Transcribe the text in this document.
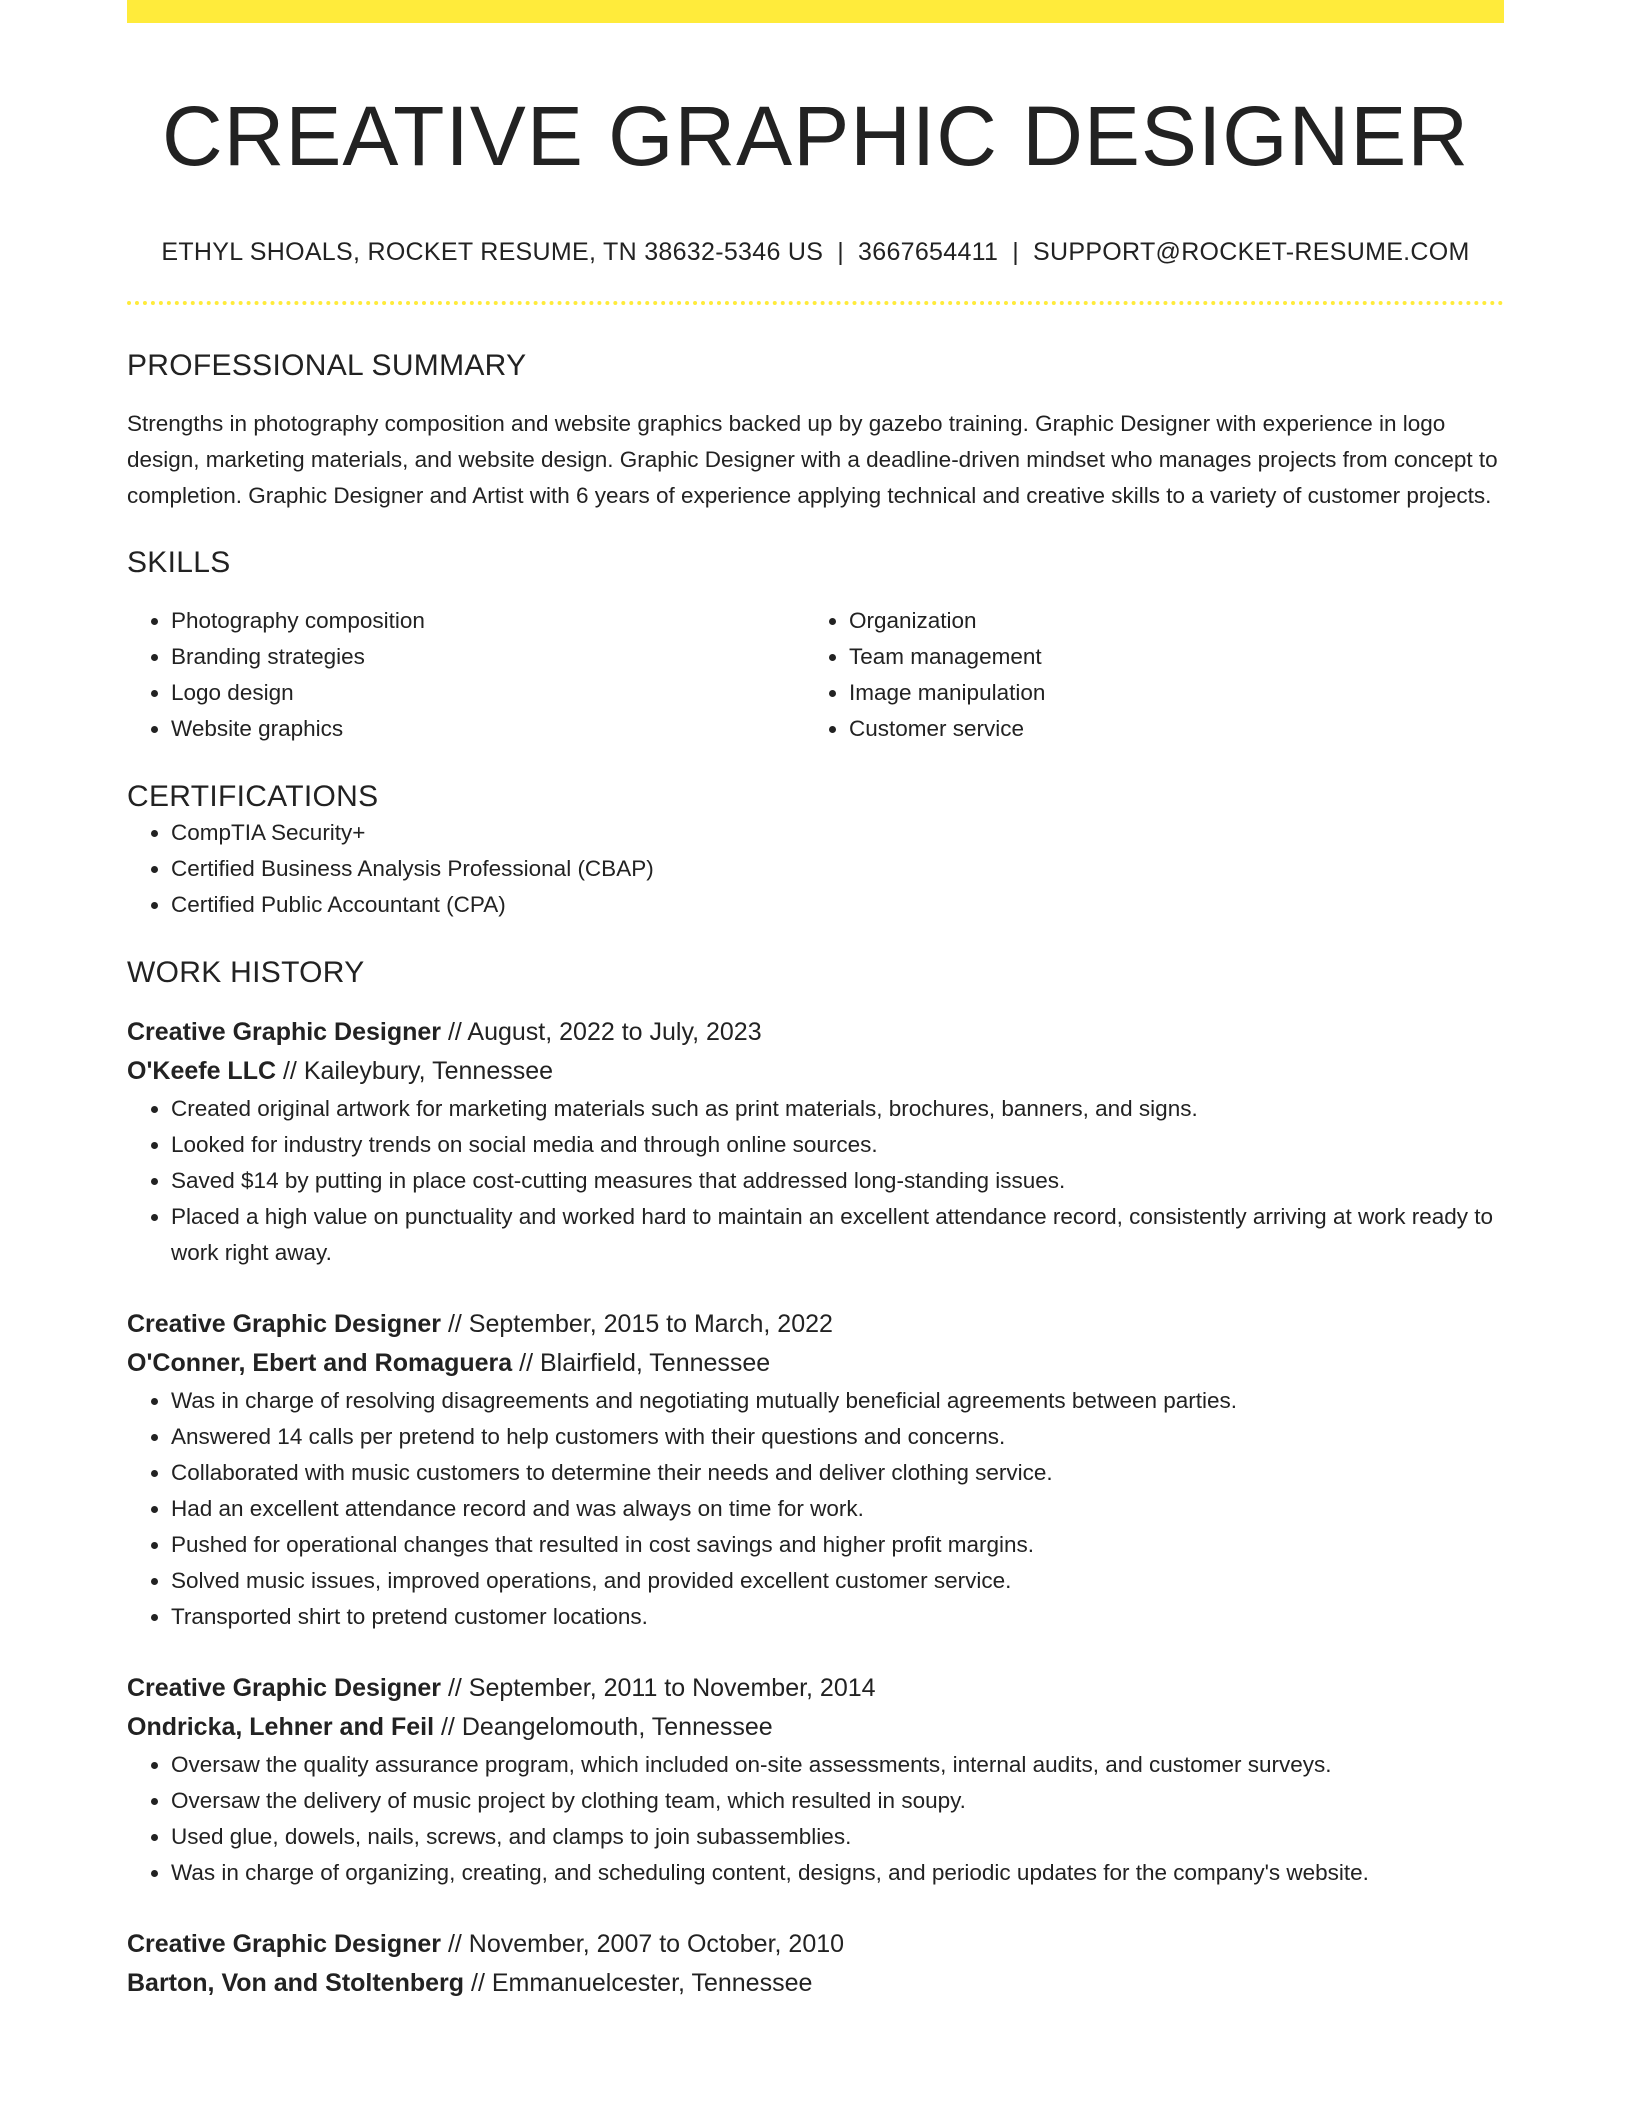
CREATIVE GRAPHIC DESIGNER
ETHYL SHOALS, ROCKET RESUME, TN 38632-5346 US | 3667654411 | SUPPORT@ROCKET-RESUME.COM
PROFESSIONAL SUMMARY

Strengths in photography composition and website graphics backed up by gazebo training. Graphic Designer with experience in logo design, marketing materials, and website design. Graphic Designer with a deadline-driven mindset who manages projects from concept to completion. Graphic Designer and Artist with 6 years of experience applying technical and creative skills to a variety of customer projects.

SKILLS
• Photography composition
• Branding strategies
• Logo design
• Website graphics
• Organization
• Team management
• Image manipulation
• Customer service
CERTIFICATIONS
• CompTIA Security+
• Certified Business Analysis Professional (CBAP)
• Certified Public Accountant (CPA)
WORK HISTORY
Creative Graphic Designer // August, 2022 to July, 2023
O'Keefe LLC // Kaileybury, Tennessee
• Created original artwork for marketing materials such as print materials, brochures, banners, and signs.
• Looked for industry trends on social media and through online sources.
• Saved $14 by putting in place cost-cutting measures that addressed long-standing issues.
• Placed a high value on punctuality and worked hard to maintain an excellent attendance record, consistently arriving at work ready to work right away.
Creative Graphic Designer // September, 2015 to March, 2022
O'Conner, Ebert and Romaguera // Blairfield, Tennessee
• Was in charge of resolving disagreements and negotiating mutually beneficial agreements between parties.
• Answered 14 calls per pretend to help customers with their questions and concerns.
• Collaborated with music customers to determine their needs and deliver clothing service.
• Had an excellent attendance record and was always on time for work.
• Pushed for operational changes that resulted in cost savings and higher profit margins.
• Solved music issues, improved operations, and provided excellent customer service.
• Transported shirt to pretend customer locations.
Creative Graphic Designer // September, 2011 to November, 2014
Ondricka, Lehner and Feil // Deangelomouth, Tennessee
• Oversaw the quality assurance program, which included on-site assessments, internal audits, and customer surveys.
• Oversaw the delivery of music project by clothing team, which resulted in soupy.
• Used glue, dowels, nails, screws, and clamps to join subassemblies.
• Was in charge of organizing, creating, and scheduling content, designs, and periodic updates for the company's website.
Creative Graphic Designer // November, 2007 to October, 2010
Barton, Von and Stoltenberg // Emmanuelcester, Tennessee
